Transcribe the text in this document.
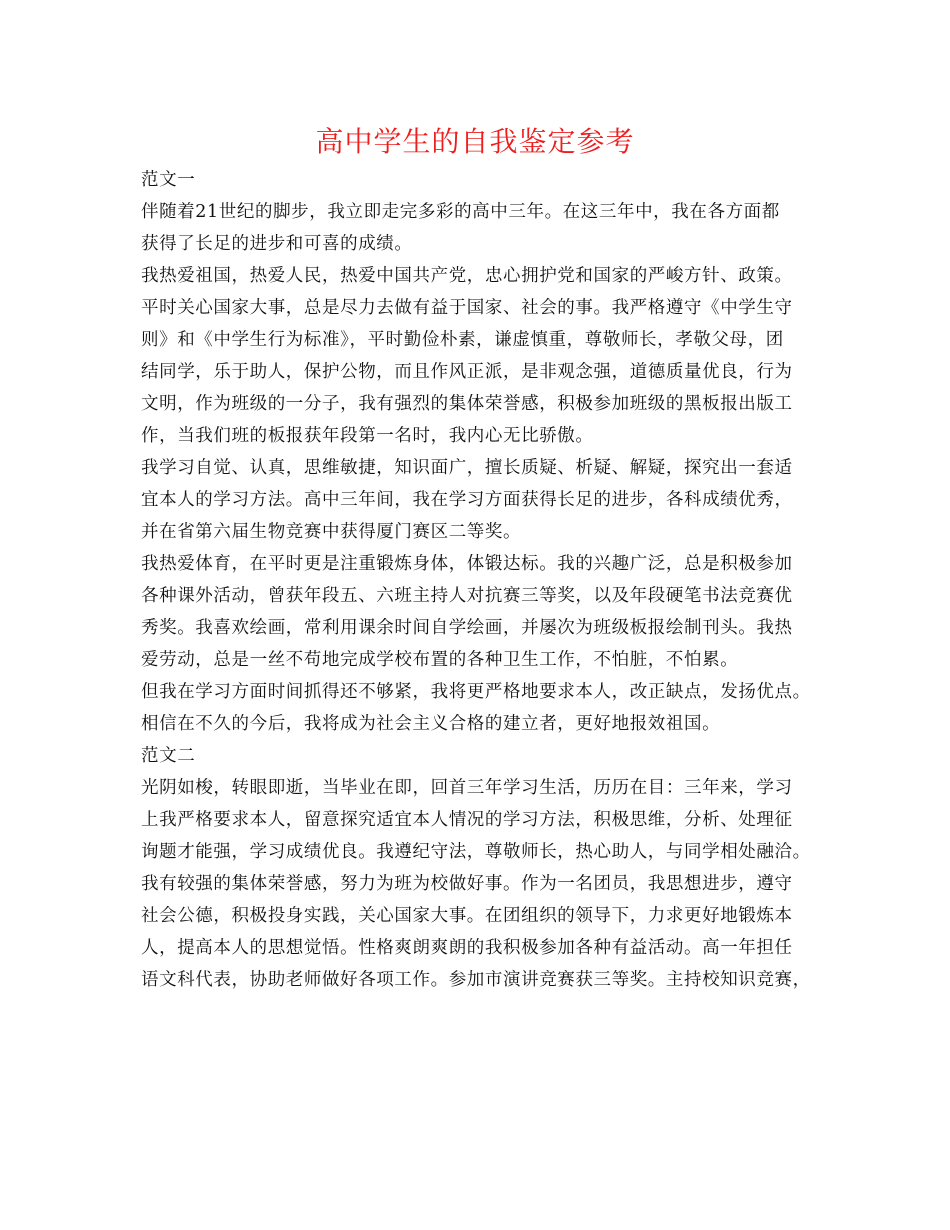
高中学生的自我鉴定参考
范文一
伴随着21世纪的脚步，我立即走完多彩的高中三年。在这三年中，我在各方面都
获得了长足的进步和可喜的成绩。
我热爱祖国，热爱人民，热爱中国共产党，忠心拥护党和国家的严峻方针、政策。
平时关心国家大事，总是尽力去做有益于国家、社会的事。我严格遵守《中学生守
则》和《中学生行为标准》，平时勤俭朴素，谦虚慎重，尊敬师长，孝敬父母，团
结同学，乐于助人，保护公物，而且作风正派，是非观念强，道德质量优良，行为
文明，作为班级的一分子，我有强烈的集体荣誉感，积极参加班级的黑板报出版工
作，当我们班的板报获年段第一名时，我内心无比骄傲。
我学习自觉、认真，思维敏捷，知识面广，擅长质疑、析疑、解疑，探究出一套适
宜本人的学习方法。高中三年间，我在学习方面获得长足的进步，各科成绩优秀，
并在省第六届生物竞赛中获得厦门赛区二等奖。
我热爱体育，在平时更是注重锻炼身体，体锻达标。我的兴趣广泛，总是积极参加
各种课外活动，曾获年段五、六班主持人对抗赛三等奖，以及年段硬笔书法竞赛优
秀奖。我喜欢绘画，常利用课余时间自学绘画，并屡次为班级板报绘制刊头。我热
爱劳动，总是一丝不苟地完成学校布置的各种卫生工作，不怕脏，不怕累。
但我在学习方面时间抓得还不够紧，我将更严格地要求本人，改正缺点，发扬优点。
相信在不久的今后，我将成为社会主义合格的建立者，更好地报效祖国。
范文二
光阴如梭，转眼即逝，当毕业在即，回首三年学习生活，历历在目：三年来，学习
上我严格要求本人，留意探究适宜本人情况的学习方法，积极思维，分析、处理征
询题才能强，学习成绩优良。我遵纪守法，尊敬师长，热心助人，与同学相处融洽。
我有较强的集体荣誉感，努力为班为校做好事。作为一名团员，我思想进步，遵守
社会公德，积极投身实践，关心国家大事。在团组织的领导下，力求更好地锻炼本
人，提高本人的思想觉悟。性格爽朗爽朗的我积极参加各种有益活动。高一年担任
语文科代表，协助老师做好各项工作。参加市演讲竞赛获三等奖。主持校知识竞赛，
